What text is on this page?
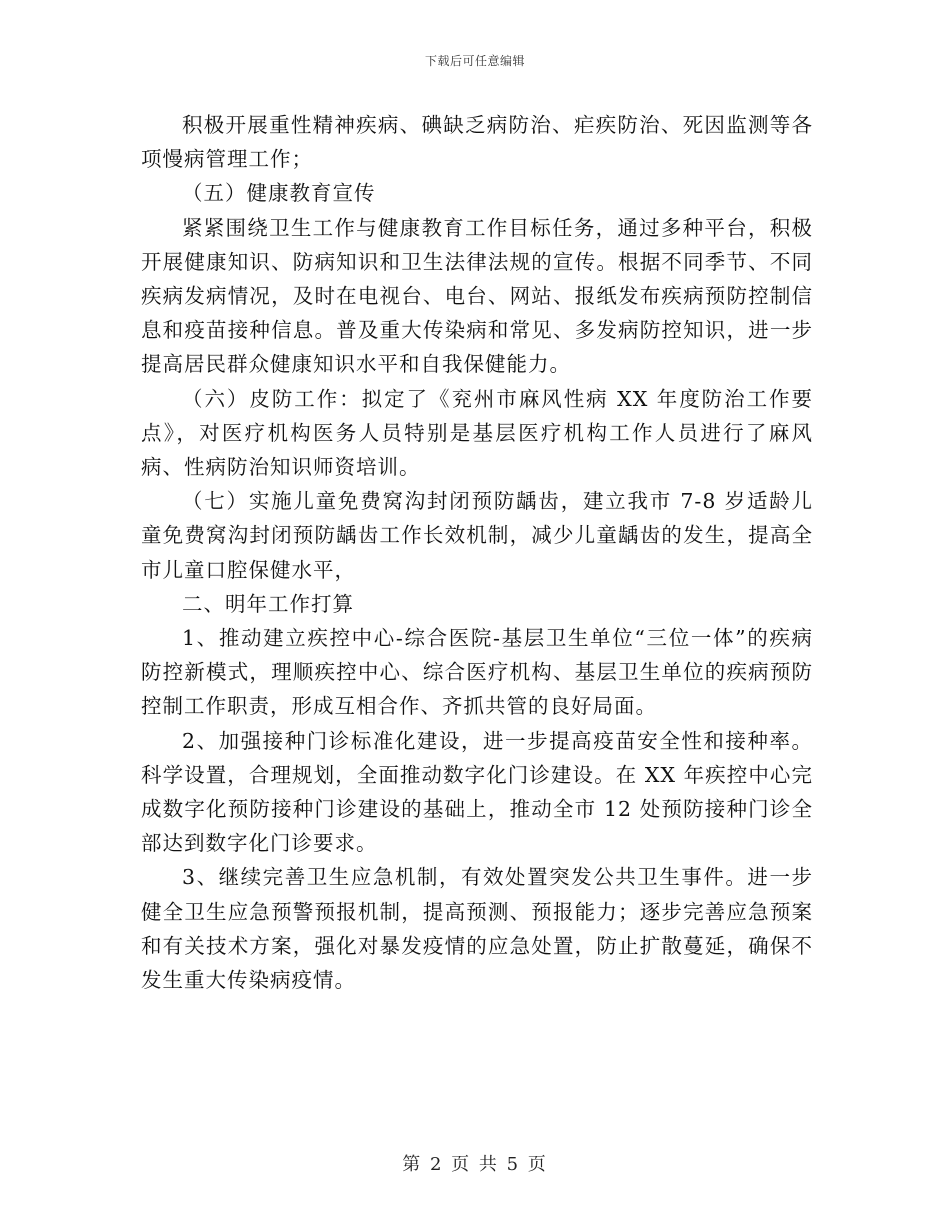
下载后可任意编辑

积极开展重性精神疾病、碘缺乏病防治、疟疾防治、死因监测等各项慢病管理工作；

（五）健康教育宣传

紧紧围绕卫生工作与健康教育工作目标任务，通过多种平台，积极开展健康知识、防病知识和卫生法律法规的宣传。根据不同季节、不同疾病发病情况，及时在电视台、电台、网站、报纸发布疾病预防控制信息和疫苗接种信息。普及重大传染病和常见、多发病防控知识，进一步提高居民群众健康知识水平和自我保健能力。

（六）皮防工作：拟定了《兖州市麻风性病 XX 年度防治工作要点》，对医疗机构医务人员特别是基层医疗机构工作人员进行了麻风病、性病防治知识师资培训。

（七）实施儿童免费窝沟封闭预防龋齿，建立我市 7-8 岁适龄儿童免费窝沟封闭预防龋齿工作长效机制，减少儿童龋齿的发生，提高全市儿童口腔保健水平，

二、明年工作打算

1、推动建立疾控中心-综合医院-基层卫生单位“三位一体”的疾病防控新模式，理顺疾控中心、综合医疗机构、基层卫生单位的疾病预防控制工作职责，形成互相合作、齐抓共管的良好局面。

2、加强接种门诊标准化建设，进一步提高疫苗安全性和接种率。科学设置，合理规划，全面推动数字化门诊建设。在 XX 年疾控中心完成数字化预防接种门诊建设的基础上，推动全市 12 处预防接种门诊全部达到数字化门诊要求。

3、继续完善卫生应急机制，有效处置突发公共卫生事件。进一步健全卫生应急预警预报机制，提高预测、预报能力；逐步完善应急预案和有关技术方案，强化对暴发疫情的应急处置，防止扩散蔓延，确保不发生重大传染病疫情。

第 2 页 共 5 页
